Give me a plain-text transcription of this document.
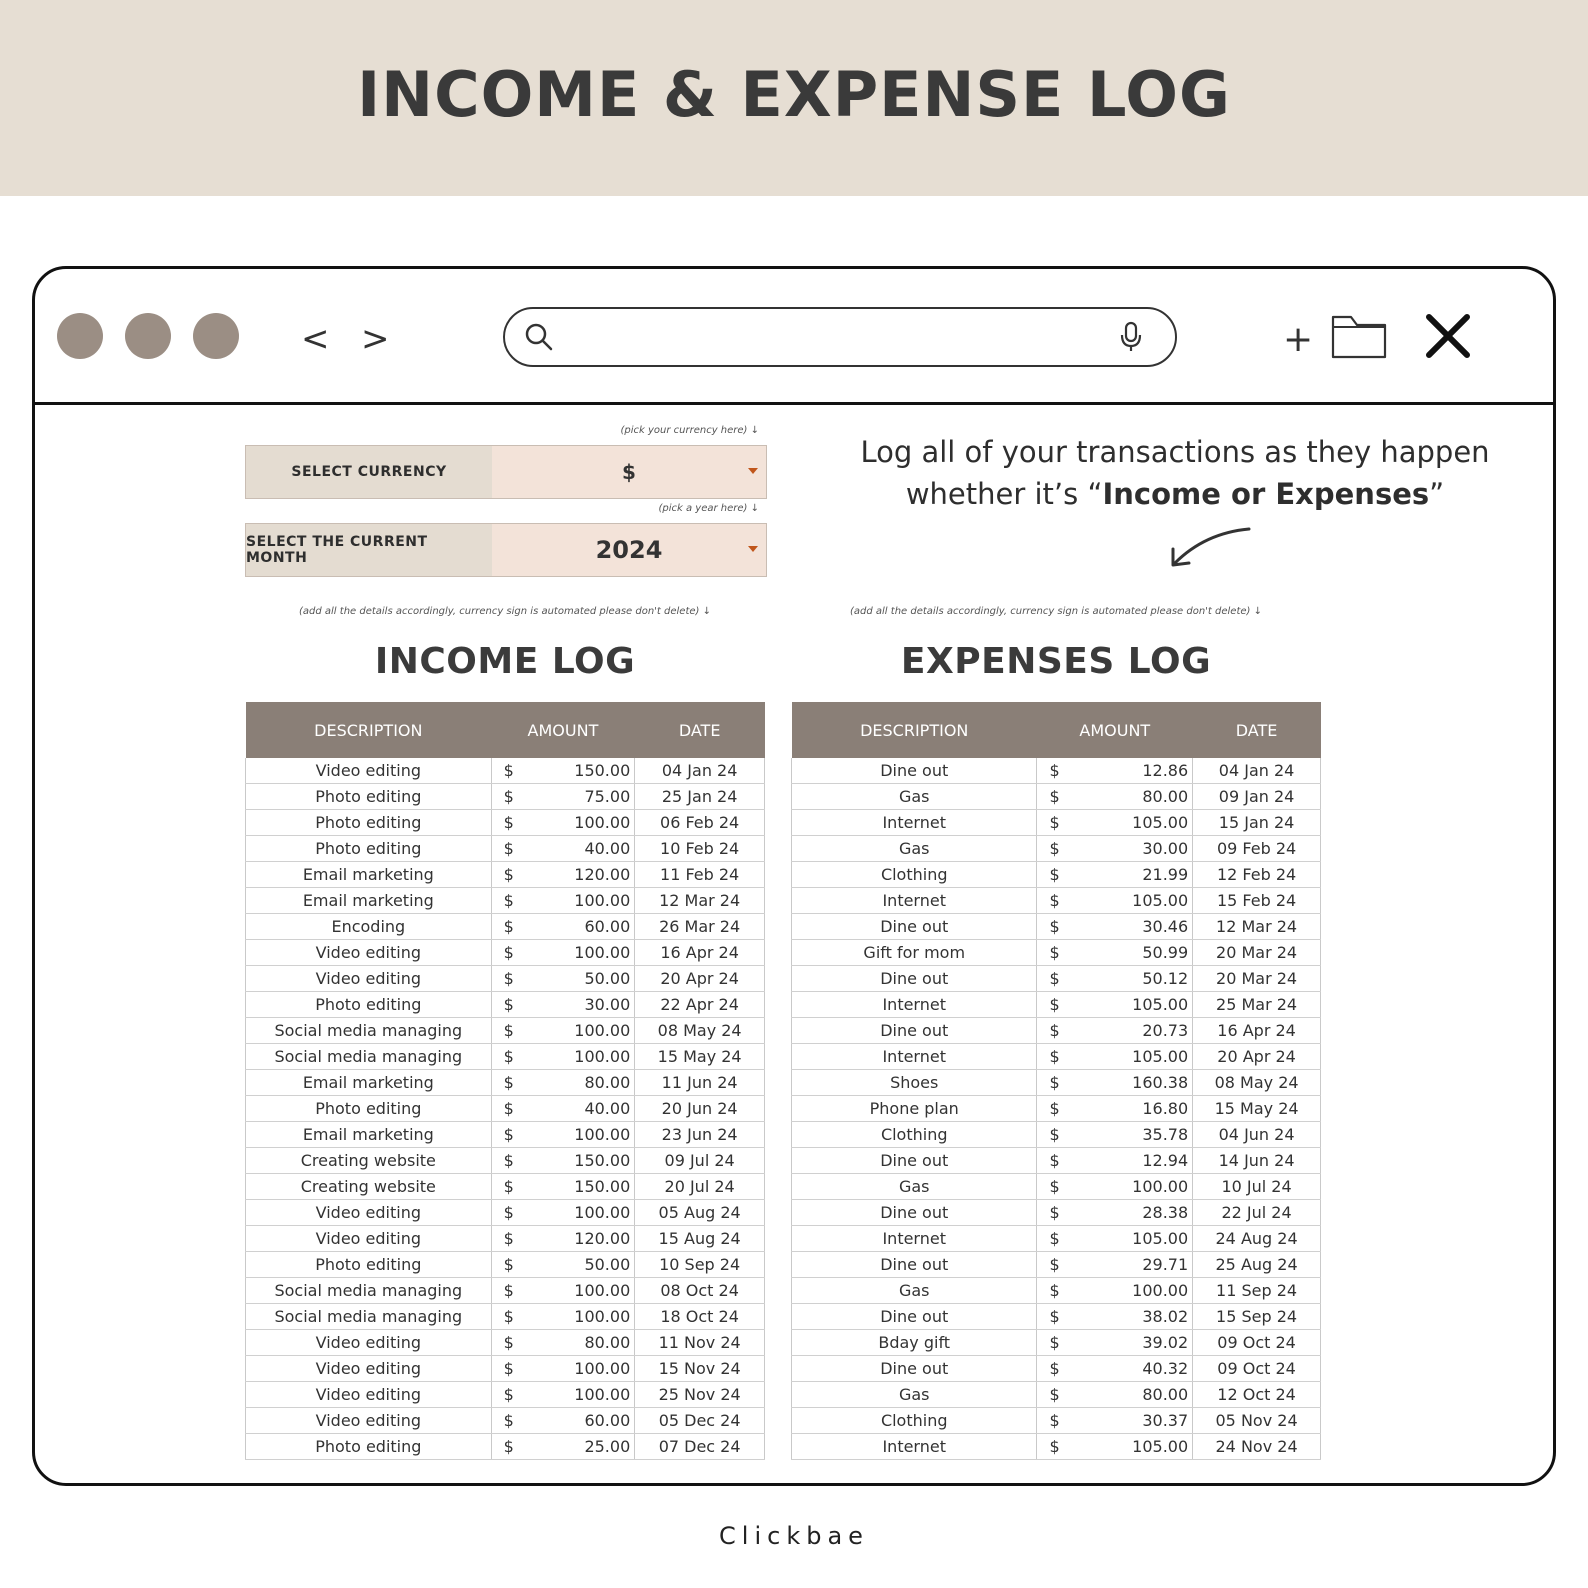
INCOME & EXPENSE LOG
< >	+
(pick your currency here) ↓
SELECT CURRENCY	$
(pick a year here) ↓
SELECT THE CURRENT MONTH	2024
Log all of your transactions as they happen
whether it’s “Income or Expenses”
(add all the details accordingly, currency sign is automated please don't delete) ↓	(add all the details accordingly, currency sign is automated please don't delete) ↓
INCOME LOG	EXPENSES LOG
DESCRIPTION	AMOUNT		DATE
Video editing	$	150.00	04 Jan 24
Photo editing	$	75.00	25 Jan 24
Photo editing	$	100.00	06 Feb 24
Photo editing	$	40.00	10 Feb 24
Email marketing	$	120.00	11 Feb 24
Email marketing	$	100.00	12 Mar 24
Encoding	$	60.00	26 Mar 24
Video editing	$	100.00	16 Apr 24
Video editing	$	50.00	20 Apr 24
Photo editing	$	30.00	22 Apr 24
Social media managing	$	100.00	08 May 24
Social media managing	$	100.00	15 May 24
Email marketing	$	80.00	11 Jun 24
Photo editing	$	40.00	20 Jun 24
Email marketing	$	100.00	23 Jun 24
Creating website	$	150.00	09 Jul 24
Creating website	$	150.00	20 Jul 24
Video editing	$	100.00	05 Aug 24
Video editing	$	120.00	15 Aug 24
Photo editing	$	50.00	10 Sep 24
Social media managing	$	100.00	08 Oct 24
Social media managing	$	100.00	18 Oct 24
Video editing	$	80.00	11 Nov 24
Video editing	$	100.00	15 Nov 24
Video editing	$	100.00	25 Nov 24
Video editing	$	60.00	05 Dec 24
Photo editing	$	25.00	07 Dec 24
DESCRIPTION	AMOUNT		DATE
Dine out	$	12.86	04 Jan 24
Gas	$	80.00	09 Jan 24
Internet	$	105.00	15 Jan 24
Gas	$	30.00	09 Feb 24
Clothing	$	21.99	12 Feb 24
Internet	$	105.00	15 Feb 24
Dine out	$	30.46	12 Mar 24
Gift for mom	$	50.99	20 Mar 24
Dine out	$	50.12	20 Mar 24
Internet	$	105.00	25 Mar 24
Dine out	$	20.73	16 Apr 24
Internet	$	105.00	20 Apr 24
Shoes	$	160.38	08 May 24
Phone plan	$	16.80	15 May 24
Clothing	$	35.78	04 Jun 24
Dine out	$	12.94	14 Jun 24
Gas	$	100.00	10 Jul 24
Dine out	$	28.38	22 Jul 24
Internet	$	105.00	24 Aug 24
Dine out	$	29.71	25 Aug 24
Gas	$	100.00	11 Sep 24
Dine out	$	38.02	15 Sep 24
Bday gift	$	39.02	09 Oct 24
Dine out	$	40.32	09 Oct 24
Gas	$	80.00	12 Oct 24
Clothing	$	30.37	05 Nov 24
Internet	$	105.00	24 Nov 24
Clickbae
